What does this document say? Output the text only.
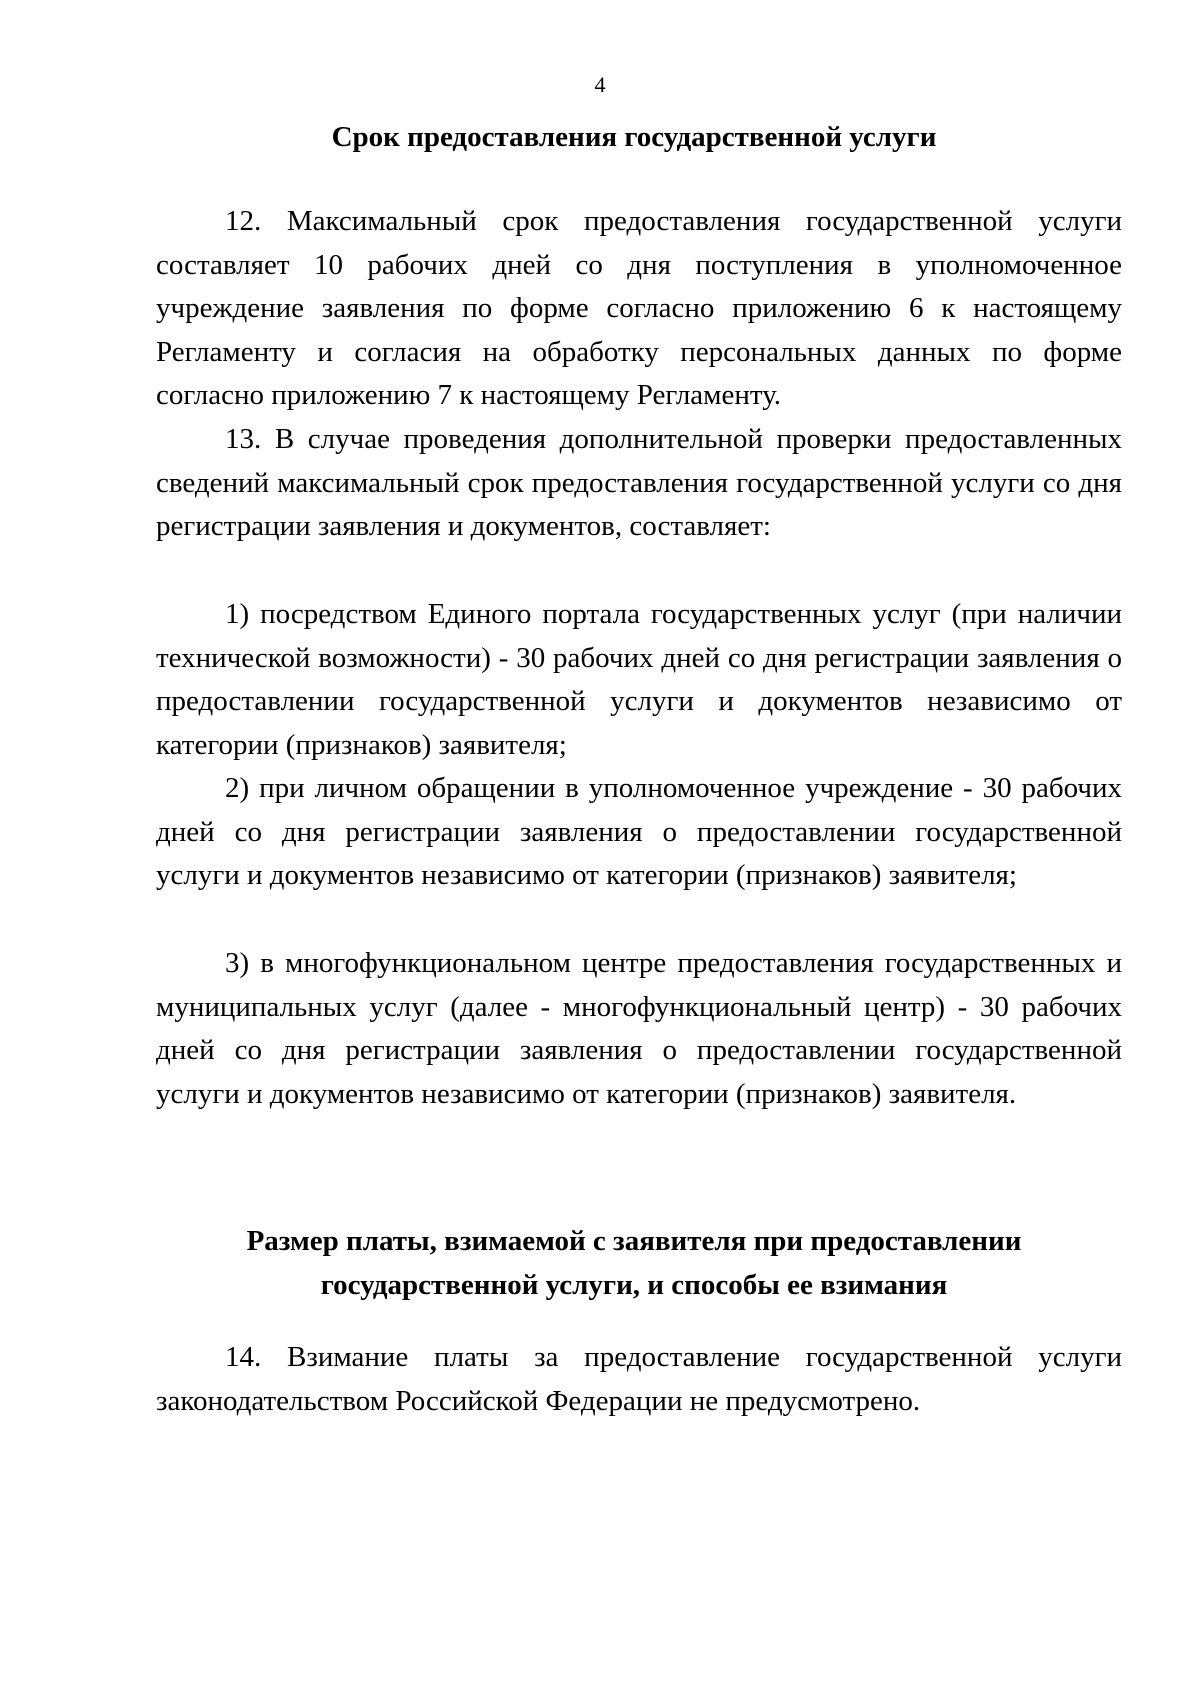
4
Срок предоставления государственной услуги

12. Максимальный срок предоставления государственной услуги составляет 10 рабочих дней со дня поступления в уполномоченное учреждение заявления по форме согласно приложению 6 к настоящему Регламенту и согласия на обработку персональных данных по форме согласно приложению 7 к настоящему Регламенту.

13. В случае проведения дополнительной проверки предоставленных сведений максимальный срок предоставления государственной услуги со дня регистрации заявления и документов, составляет:

1) посредством Единого портала государственных услуг (при наличии технической возможности) - 30 рабочих дней со дня регистрации заявления о предоставлении государственной услуги и документов независимо от категории (признаков) заявителя;

2) при личном обращении в уполномоченное учреждение - 30 рабочих дней со дня регистрации заявления о предоставлении государственной услуги и документов независимо от категории (признаков) заявителя;

3) в многофункциональном центре предоставления государственных и муниципальных услуг (далее - многофункциональный центр) - 30 рабочих дней со дня регистрации заявления о предоставлении государственной услуги и документов независимо от категории (признаков) заявителя.

Размер платы, взимаемой с заявителя при предоставлении государственной услуги, и способы ее взимания

14. Взимание платы за предоставление государственной услуги законодательством Российской Федерации не предусмотрено.
